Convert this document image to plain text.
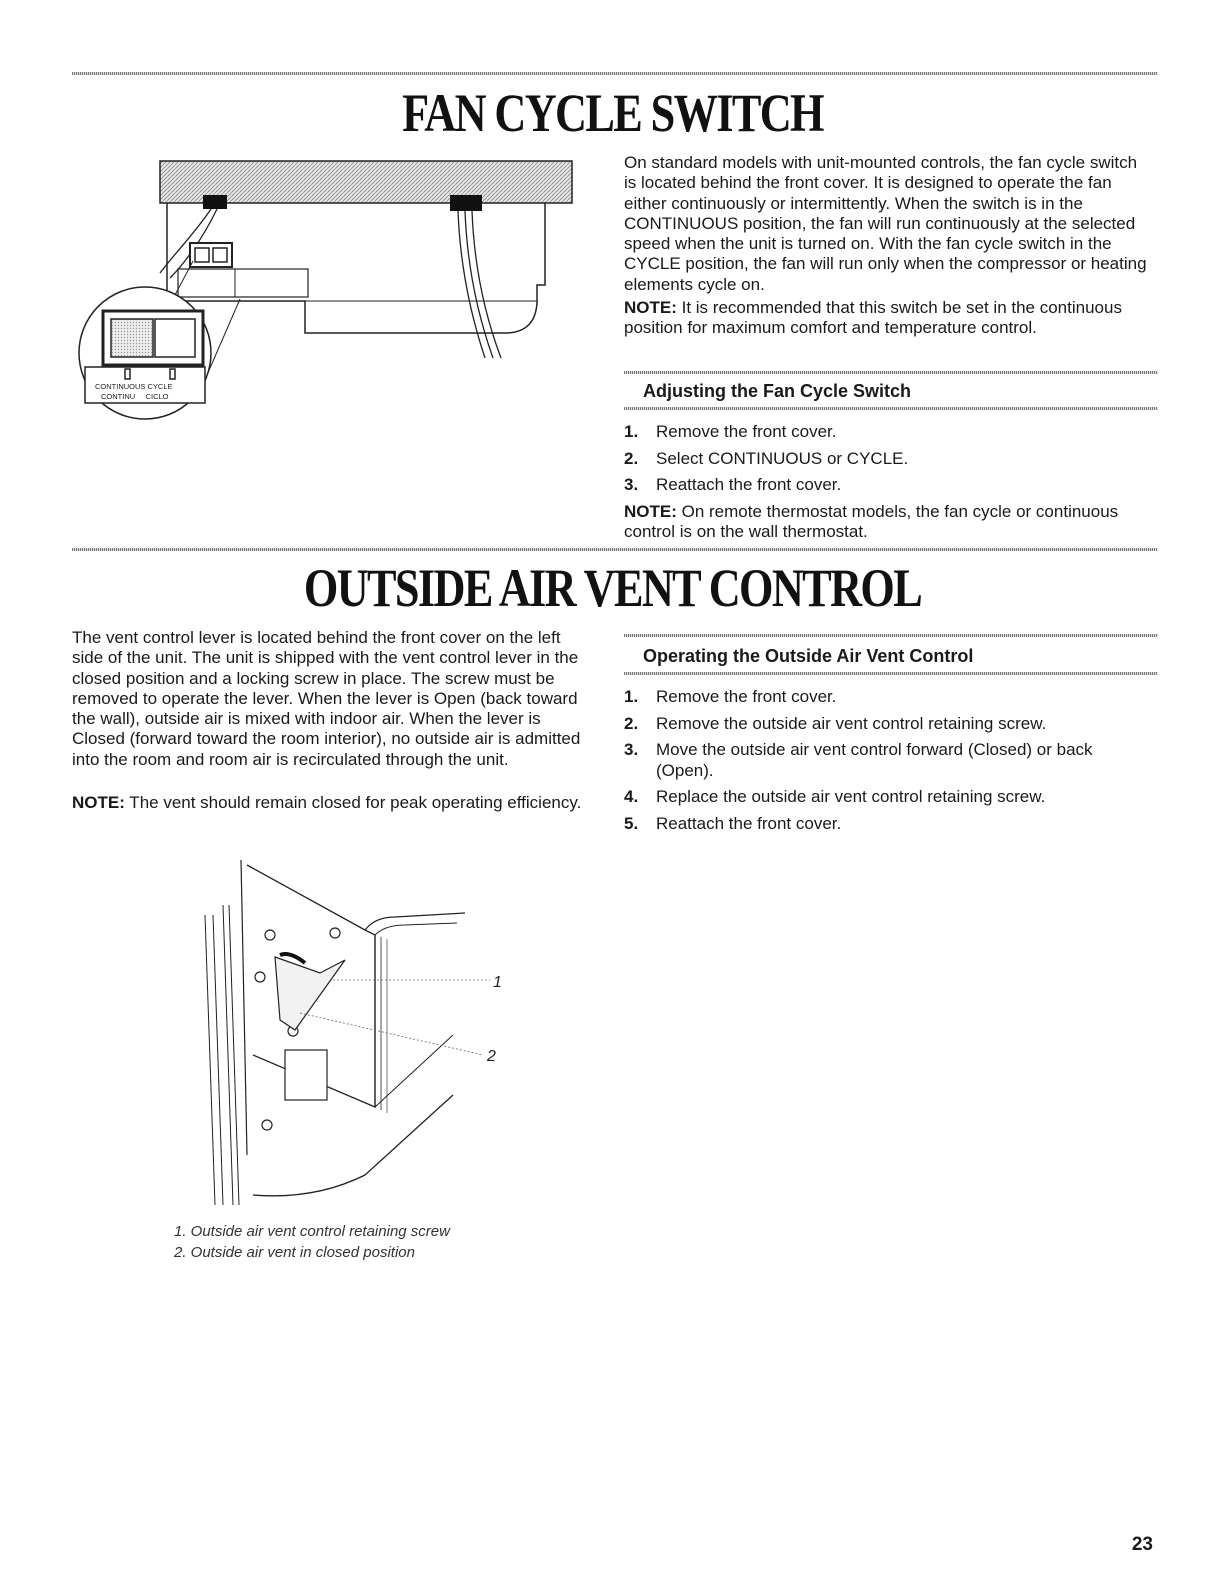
FAN CYCLE SWITCH
CONTINUOUS CYCLE
CONTINU     CICLO

On standard models with unit-mounted controls, the fan cycle switch is located behind the front cover. It is designed to operate the fan either continuously or intermittently. When the switch is in the CONTINUOUS position, the fan will run continuously at the selected speed when the unit is turned on. With the fan cycle switch in the CYCLE position, the fan will run only when the compressor or heating elements cycle on.

NOTE: It is recommended that this switch be set in the continuous position for maximum comfort and temperature control.

Adjusting the Fan Cycle Switch
1. Remove the front cover.
2. Select CONTINUOUS or CYCLE.
3. Reattach the front cover.

NOTE: On remote thermostat models, the fan cycle or continuous control is on the wall thermostat.

OUTSIDE AIR VENT CONTROL

The vent control lever is located behind the front cover on the left side of the unit. The unit is shipped with the vent control lever in the closed position and a locking screw in place. The screw must be removed to operate the lever. When the lever is Open (back toward the wall), outside air is mixed with indoor air. When the lever is Closed (forward toward the room interior), no outside air is admitted into the room and room air is recirculated through the unit.

NOTE: The vent should remain closed for peak operating efficiency.

Operating the Outside Air Vent Control
1. Remove the front cover.
2. Remove the outside air vent control retaining screw.
3. Move the outside air vent control forward (Closed) or back (Open).
4. Replace the outside air vent control retaining screw.
5. Reattach the front cover.
1
2

1. Outside air vent control retaining screw

2. Outside air vent in closed position

23
